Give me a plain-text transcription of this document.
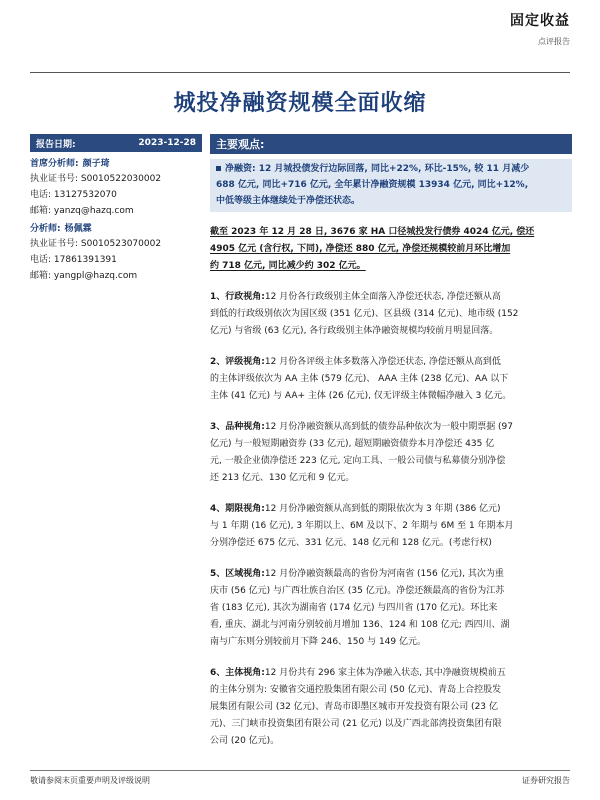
固定收益
点评报告
城投净融资规模全面收缩
报告日期:	2023-12-28
首席分析师: 颜子琦
执业证书号: S0010522030002
电话: 13127532070
邮箱: yanzq@hazq.com
分析师: 杨佩霖
执业证书号: S0010523070002
电话: 17861391391
邮箱: yangpl@hazq.com
主要观点:
净融资: 12 月城投债发行边际回落, 同比+22%, 环比-15%, 较 11 月减少
688 亿元, 同比+716 亿元, 全年累计净融资规模 13934 亿元, 同比+12%,
中低等级主体继续处于净偿还状态。
截至 2023 年 12 月 28 日, 3676 家 HA 口径城投发行债券 4024 亿元, 偿还
4905 亿元 (含行权, 下同), 净偿还 880 亿元, 净偿还规模较前月环比增加
约 718 亿元, 同比减少约 302 亿元。
1、行政视角:12 月份各行政级别主体全面落入净偿还状态, 净偿还额从高
到低的行政级别依次为国区级 (351 亿元)、区县级 (314 亿元)、地市级 (152
亿元) 与省级 (63 亿元), 各行政级别主体净融资规模均较前月明显回落。
2、评级视角:12 月份各评级主体多数落入净偿还状态, 净偿还额从高到低
的主体评级依次为 AA 主体 (579 亿元)、 AAA 主体 (238 亿元)、AA 以下
主体 (41 亿元) 与 AA+ 主体 (26 亿元), 仅无评级主体微幅净融入 3 亿元。
3、品种视角:12 月份净融资额从高到低的债券品种依次为一般中期票据 (97
亿元) 与一般短期融资券 (33 亿元), 超短期融资债券本月净偿还 435 亿
元, 一般企业债净偿还 223 亿元, 定向工具、一般公司债与私募债分别净偿
还 213 亿元、130 亿元和 9 亿元。
4、期限视角:12 月份净融资额从高到低的期限依次为 3 年期 (386 亿元)
与 1 年期 (16 亿元), 3 年期以上、6M 及以下、2 年期与 6M 至 1 年期本月
分别净偿还 675 亿元、331 亿元、148 亿元和 128 亿元。(考虑行权)
5、区域视角:12 月份净融资额最高的省份为河南省 (156 亿元), 其次为重
庆市 (56 亿元) 与广西壮族自治区 (35 亿元)。净偿还额最高的省份为江苏
省 (183 亿元), 其次为湖南省 (174 亿元) 与四川省 (170 亿元)。环比来
看, 重庆、湖北与河南分别较前月增加 136、124 和 108 亿元; 西四川、湖
南与广东则分别较前月下降 246、150 与 149 亿元。
6、主体视角:12 月份共有 296 家主体为净融入状态, 其中净融资规模前五
的主体分别为: 安徽省交通控股集团有限公司 (50 亿元)、青岛上合控股发
展集团有限公司 (32 亿元)、青岛市即墨区城市开发投资有限公司 (23 亿
元)、三门峡市投资集团有限公司 (21 亿元) 以及广西北部湾投资集团有限
公司 (20 亿元)。
敬请参阅末页重要声明及评级说明	证券研究报告
